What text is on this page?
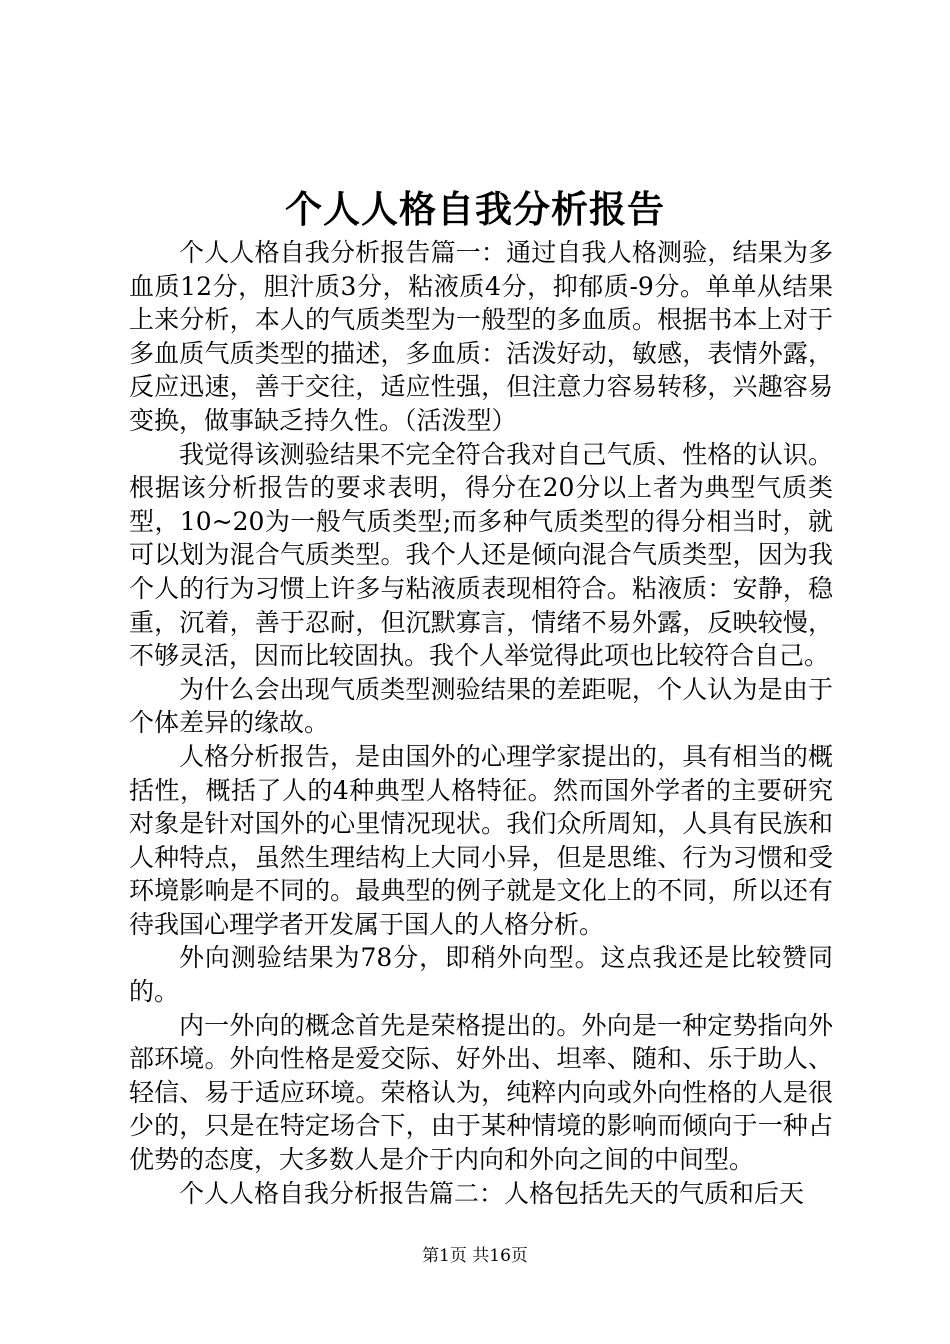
个人人格自我分析报告

个人人格自我分析报告篇一：通过自我人格测验，结果为多血质12分，胆汁质3分，粘液质4分，抑郁质-9分。单单从结果上来分析，本人的气质类型为一般型的多血质。根据书本上对于多血质气质类型的描述，多血质：活泼好动，敏感，表情外露，反应迅速，善于交往，适应性强，但注意力容易转移，兴趣容易变换，做事缺乏持久性。（活泼型）

我觉得该测验结果不完全符合我对自己气质、性格的认识。根据该分析报告的要求表明，得分在20分以上者为典型气质类型，10~20为一般气质类型;而多种气质类型的得分相当时，就可以划为混合气质类型。我个人还是倾向混合气质类型，因为我个人的行为习惯上许多与粘液质表现相符合。粘液质：安静，稳重，沉着，善于忍耐，但沉默寡言，情绪不易外露，反映较慢，不够灵活，因而比较固执。我个人举觉得此项也比较符合自己。

为什么会出现气质类型测验结果的差距呢，个人认为是由于个体差异的缘故。

人格分析报告，是由国外的心理学家提出的，具有相当的概括性，概括了人的4种典型人格特征。然而国外学者的主要研究对象是针对国外的心里情况现状。我们众所周知，人具有民族和人种特点，虽然生理结构上大同小异，但是思维、行为习惯和受环境影响是不同的。最典型的例子就是文化上的不同，所以还有待我国心理学者开发属于国人的人格分析。

外向测验结果为78分，即稍外向型。这点我还是比较赞同的。

内一外向的概念首先是荣格提出的。外向是一种定势指向外部环境。外向性格是爱交际、好外出、坦率、随和、乐于助人、轻信、易于适应环境。荣格认为，纯粹内向或外向性格的人是很少的，只是在特定场合下，由于某种情境的影响而倾向于一种占优势的态度，大多数人是介于内向和外向之间的中间型。

个人人格自我分析报告篇二：人格包括先天的气质和后天

第1页 共16页
